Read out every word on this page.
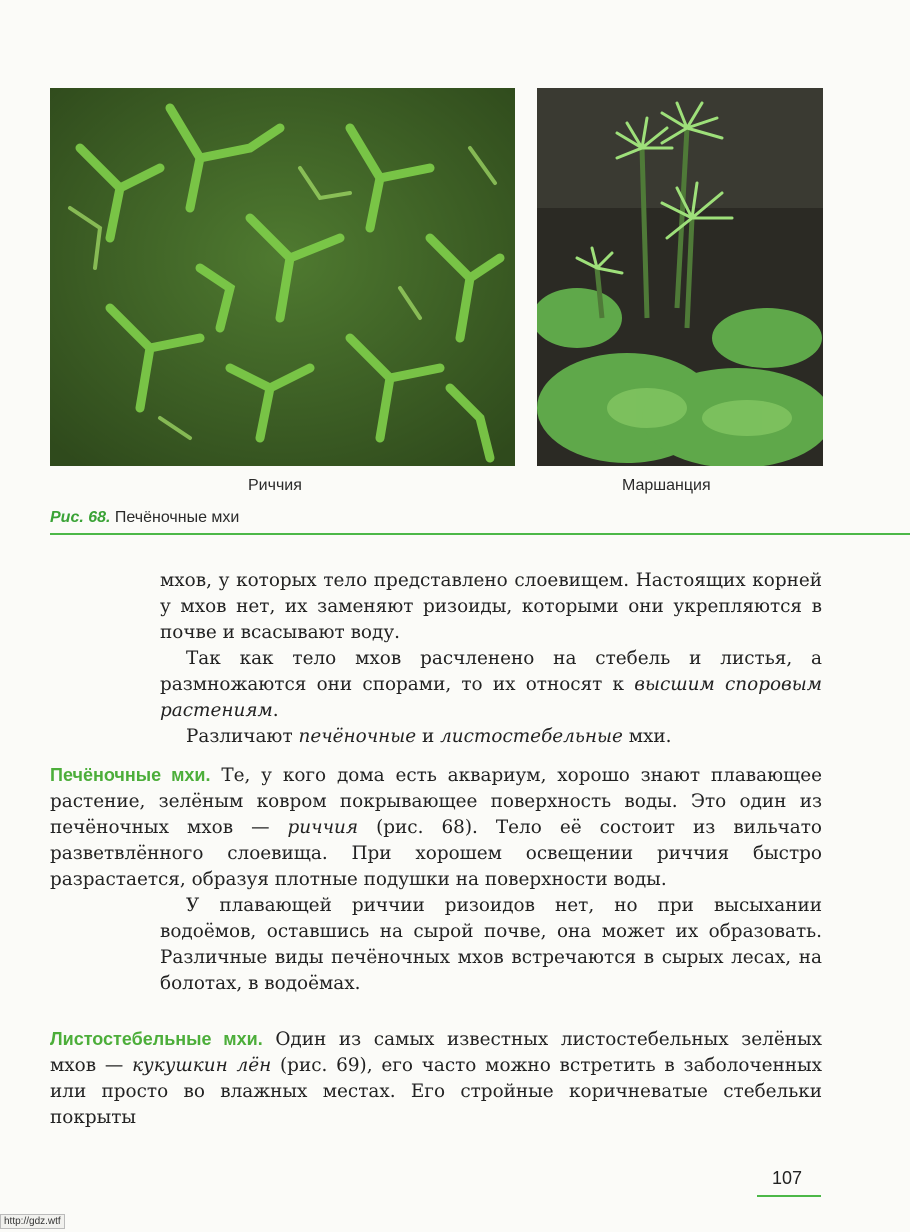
Риччия	Маршанция
Рис. 68. Печёночные мхи

мхов, у которых тело представлено слоевищем. Настоящих корней у мхов нет, их заменяют ризоиды, которыми они укрепляются в почве и всасывают воду.

Так как тело мхов расчленено на стебель и листья, а размножаются они спорами, то их относят к высшим споровым растениям.

Различают печёночные и листостебельные мхи.

Печёночные мхи. Те, у кого дома есть аквариум, хорошо знают плавающее растение, зелёным ковром покрывающее поверхность воды. Это один из печёночных мхов — риччия (рис. 68). Тело её состоит из вильчато разветвлённого слоевища. При хорошем освещении риччия быстро разрастается, образуя плотные подушки на поверхности воды.

У плавающей риччии ризоидов нет, но при высыхании водоёмов, оставшись на сырой почве, она может их образовать. Различные виды печёночных мхов встречаются в сырых лесах, на болотах, в водоёмах.

Листостебельные мхи. Один из самых известных листостебельных зелёных мхов — кукушкин лён (рис. 69), его часто можно встретить в заболоченных или просто во влажных местах. Его стройные коричневатые стебельки покрыты

107
http://gdz.wtf
